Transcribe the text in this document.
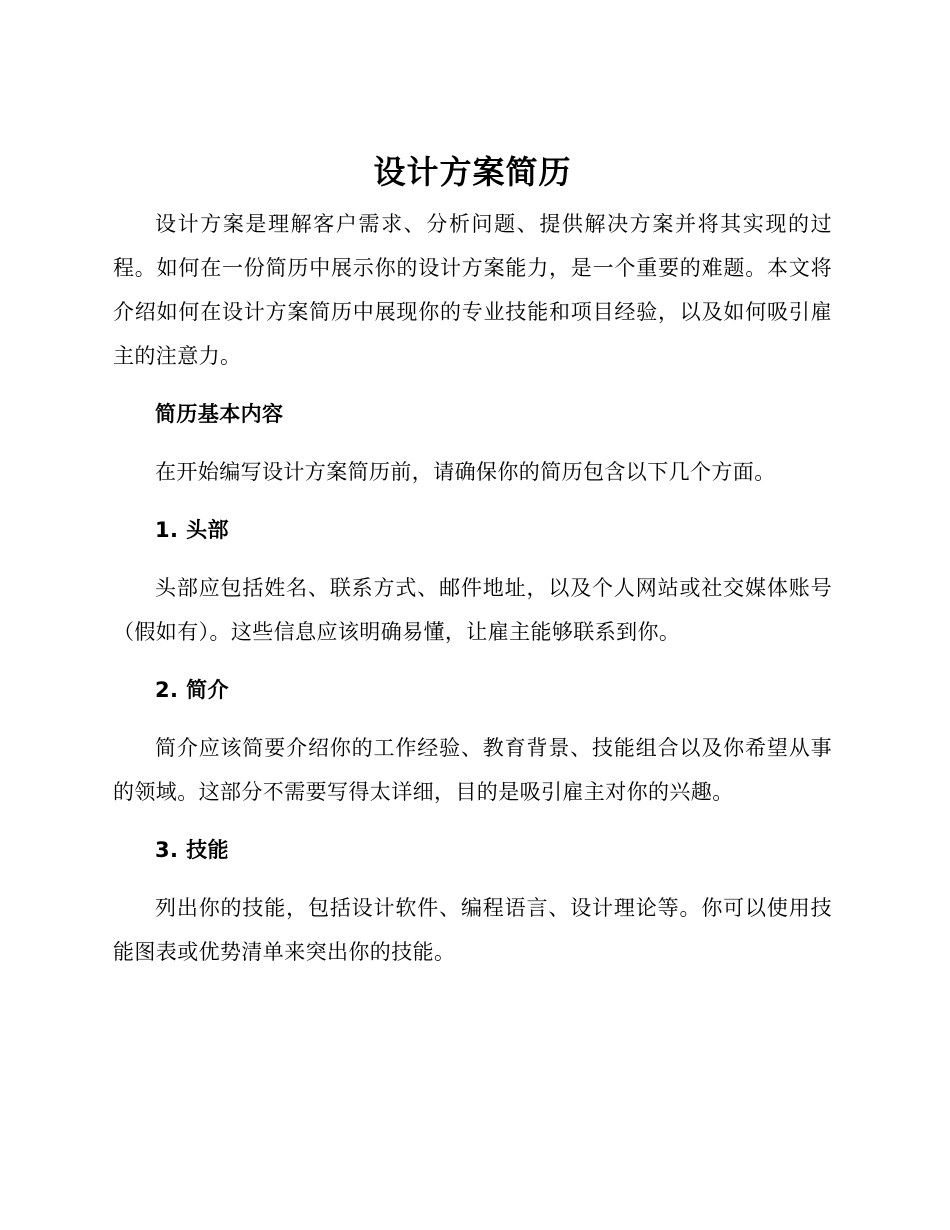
设计方案简历

设计方案是理解客户需求、分析问题、提供解决方案并将其实现的过程。如何在一份简历中展示你的设计方案能力，是一个重要的难题。本文将介绍如何在设计方案简历中展现你的专业技能和项目经验，以及如何吸引雇主的注意力。

简历基本内容

在开始编写设计方案简历前，请确保你的简历包含以下几个方面。

1. 头部

头部应包括姓名、联系方式、邮件地址，以及个人网站或社交媒体账号（假如有）。这些信息应该明确易懂，让雇主能够联系到你。

2. 简介

简介应该简要介绍你的工作经验、教育背景、技能组合以及你希望从事的领域。这部分不需要写得太详细，目的是吸引雇主对你的兴趣。

3. 技能

列出你的技能，包括设计软件、编程语言、设计理论等。你可以使用技能图表或优势清单来突出你的技能。
